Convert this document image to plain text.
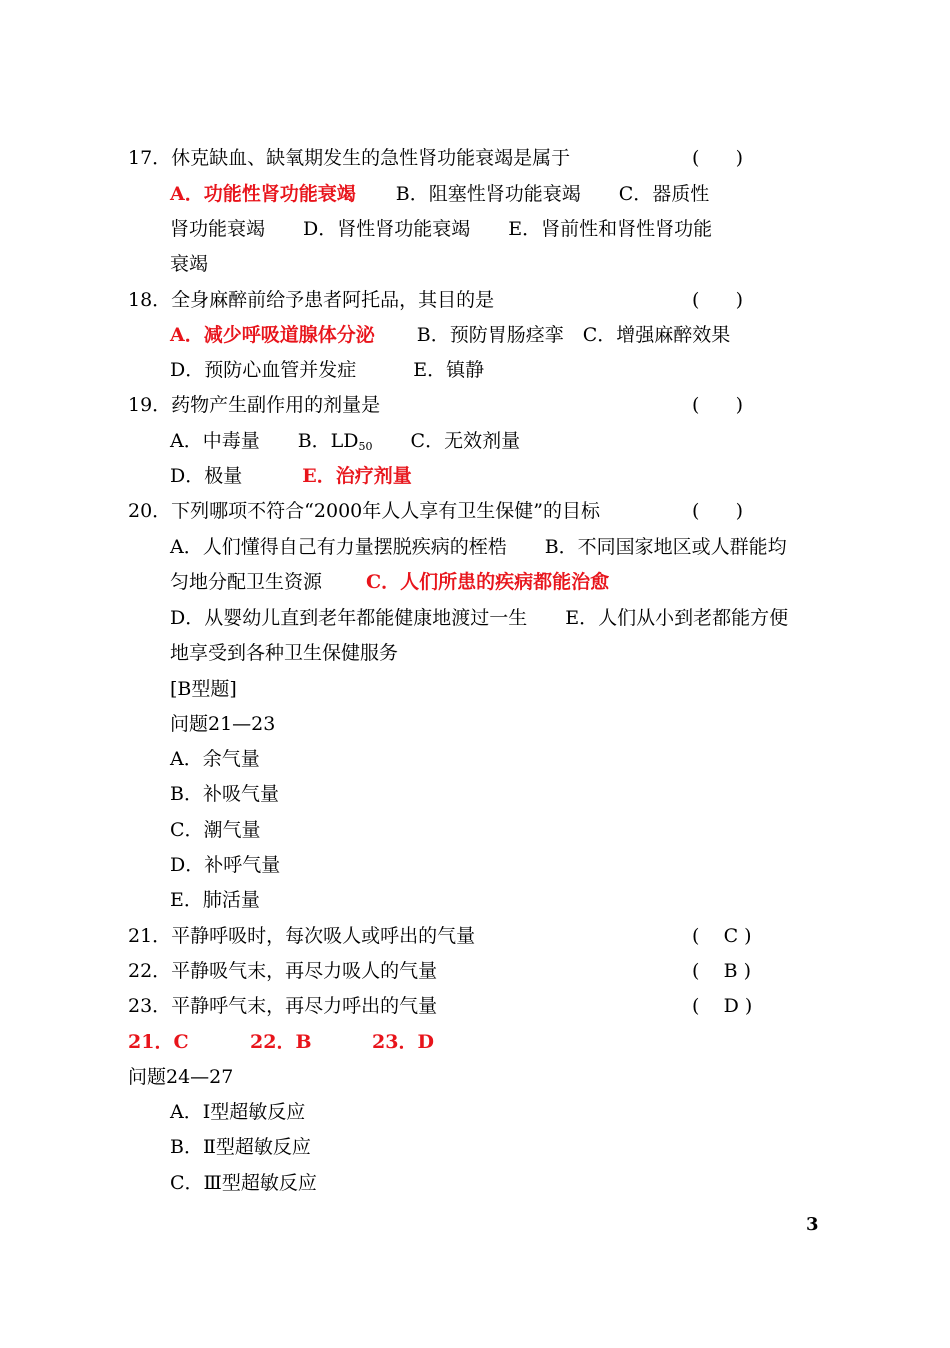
17．休克缺血、缺氧期发生的急性肾功能衰竭是属于	(      )
A．功能性肾功能衰竭 B．阻塞性肾功能衰竭　　C．器质性
肾功能衰竭　　D．肾性肾功能衰竭　　E．肾前性和肾性肾功能
衰竭
18．全身麻醉前给予患者阿托品，其目的是	(      )
A．减少呼吸道腺体分泌 B．预防胃肠痉挛　C．增强麻醉效果
D．预防心血管并发症　　　E．镇静
19．药物产生副作用的剂量是	(      )
A．中毒量　　B．$LD_{50}$　　C．无效剂量
D．极量	E．治疗剂量
20．下列哪项不符合“2000年人人享有卫生保健”的目标	(      )
A．人们懂得自己有力量摆脱疾病的桎梏　　B．不同国家地区或人群能均
匀地分配卫生资源 C．人们所患的疾病都能治愈
D．从婴幼儿直到老年都能健康地渡过一生　　E．人们从小到老都能方便
地享受到各种卫生保健服务
[B型题]
问题21—23
A．余气量
B．补吸气量
C．潮气量
D．补呼气量
E．肺活量
21．平静呼吸时，每次吸人或呼出的气量	(    C )
22．平静吸气末，再尽力吸人的气量	(    B )
23．平静呼气末，再尽力呼出的气量	(    D )
21．C	22．B	23．D
问题24—27
A．Ⅰ型超敏反应
B．Ⅱ型超敏反应
C．Ⅲ型超敏反应
3
